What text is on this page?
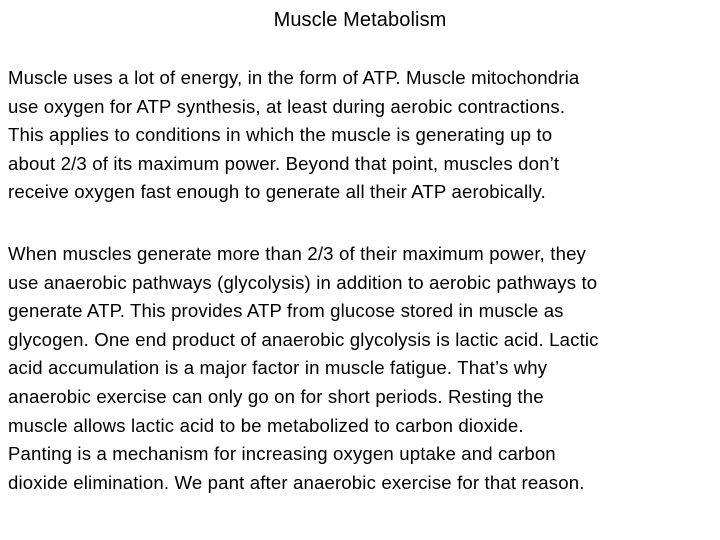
Muscle Metabolism

Muscle uses a lot of energy, in the form of ATP. Muscle mitochondria
use oxygen for ATP synthesis, at least during aerobic contractions.
This applies to conditions in which the muscle is generating up to
about 2/3 of its maximum power. Beyond that point, muscles don’t
receive oxygen fast enough to generate all their ATP aerobically.

When muscles generate more than 2/3 of their maximum power, they
use anaerobic pathways (glycolysis) in addition to aerobic pathways to
generate ATP. This provides ATP from glucose stored in muscle as
glycogen. One end product of anaerobic glycolysis is lactic acid. Lactic
acid accumulation is a major factor in muscle fatigue. That’s why
anaerobic exercise can only go on for short periods. Resting the
muscle allows lactic acid to be metabolized to carbon dioxide.
Panting is a mechanism for increasing oxygen uptake and carbon
dioxide elimination. We pant after anaerobic exercise for that reason.
